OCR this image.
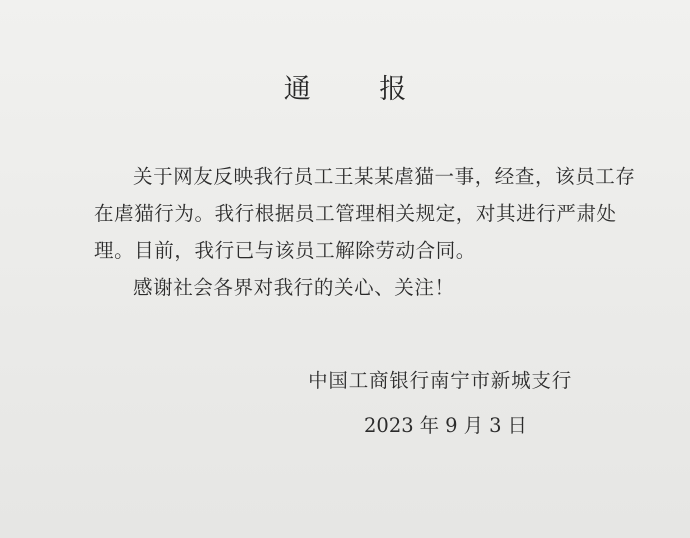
通 报

关于网友反映我行员工王某某虐猫一事，经查，该员工存在虐猫行为。我行根据员工管理相关规定，对其进行严肃处理。目前，我行已与该员工解除劳动合同。

感谢社会各界对我行的关心、关注！

中国工商银行南宁市新城支行
2023 年 9 月 3 日
